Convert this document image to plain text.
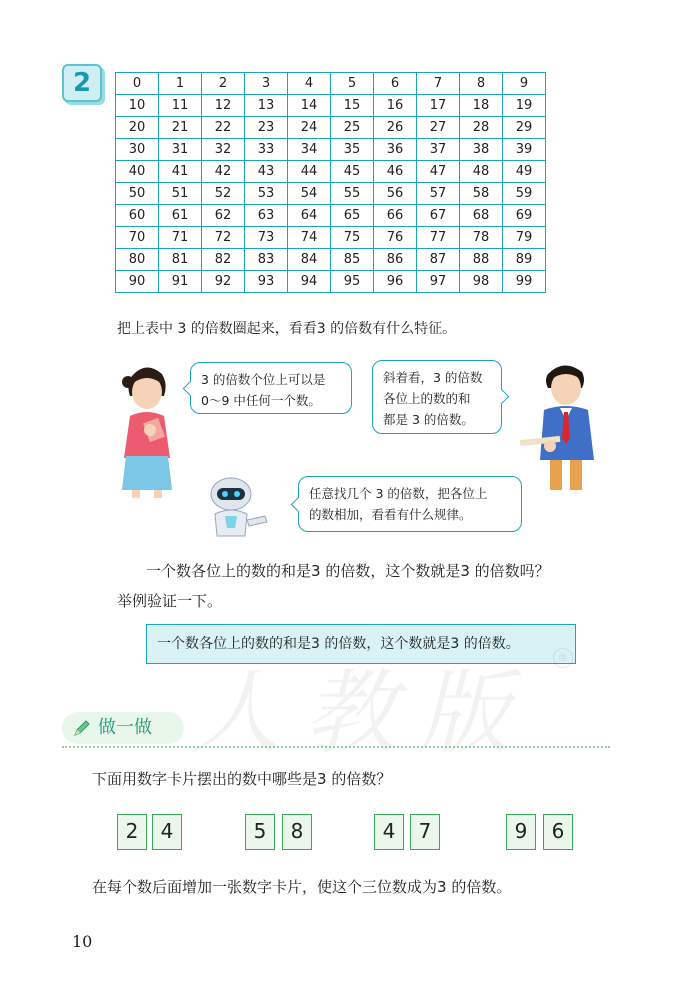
2	0	1	2	3	4	5	6	7	8	9
10	11	12	13	14	15	16	17	18	19
20	21	22	23	24	25	26	27	28	29
30	31	32	33	34	35	36	37	38	39
40	41	42	43	44	45	46	47	48	49
50	51	52	53	54	55	56	57	58	59
60	61	62	63	64	65	66	67	68	69
70	71	72	73	74	75	76	77	78	79
80	81	82	83	84	85	86	87	88	89
90	91	92	93	94	95	96	97	98	99
把上表中 3 的倍数圈起来，看看3 的倍数有什么特征。
3 的倍数个位上可以是
0～9 中任何一个数。
斜着看，3 的倍数
各位上的数的和
都是 3 的倍数。
任意找几个 3 的倍数，把各位上
的数相加，看看有什么规律。
一个数各位上的数的和是3 的倍数，这个数就是3 的倍数吗？
举例验证一下。
一个数各位上的数的和是3 的倍数，这个数就是3 的倍数。
人教版
®
做一做
下面用数字卡片摆出的数中哪些是3 的倍数？
2	4	5	8	4	7	9	6
在每个数后面增加一张数字卡片，使这个三位数成为3 的倍数。
10
